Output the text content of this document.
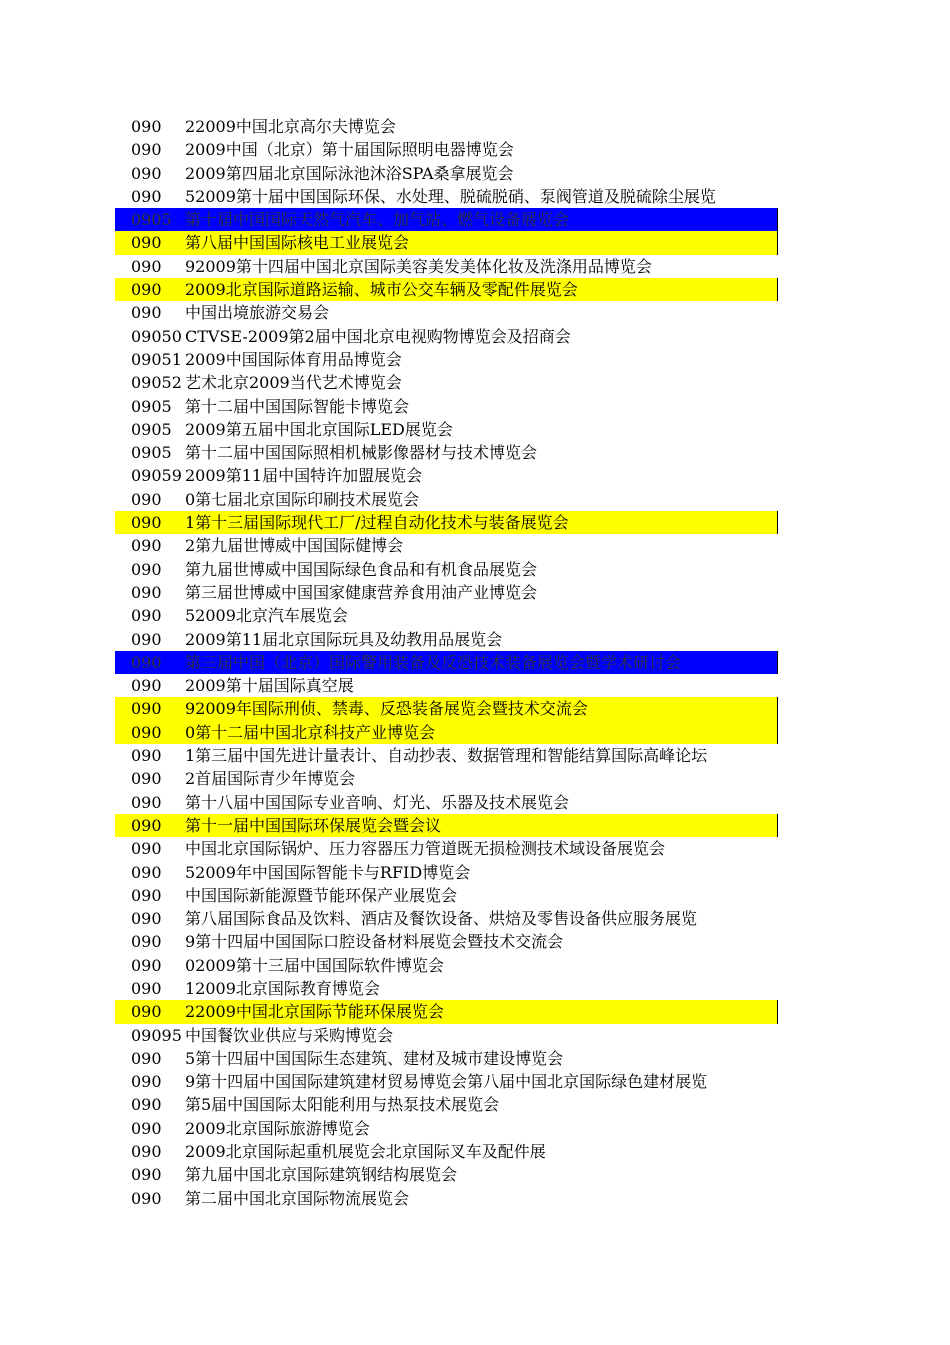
090	22009中国北京高尔夫博览会
090	2009中国（北京）第十届国际照明电器博览会
090	2009第四届北京国际泳池沐浴SPA桑拿展览会
090	52009第十届中国国际环保、水处理、脱硫脱硝、泵阀管道及脱硫除尘展览
0905 第十届中国国际天然气汽车、加气站、燃气设备展览会
090	第八届中国国际核电工业展览会
090	92009第十四届中国北京国际美容美发美体化妆及洗涤用品博览会
090	2009北京国际道路运输、城市公交车辆及零配件展览会
090	中国出境旅游交易会
09050 CTVSE-2009第2届中国北京电视购物博览会及招商会
09051 2009中国国际体育用品博览会
09052 艺术北京2009当代艺术博览会
0905 第十二届中国国际智能卡博览会
0905 2009第五届中国北京国际LED展览会
0905 第十二届中国国际照相机械影像器材与技术博览会
09059 2009第11届中国特许加盟展览会
090	0第七届北京国际印刷技术展览会
090	1第十三届国际现代工厂/过程自动化技术与装备展览会
090	2第九届世博威中国国际健博会
090	第九届世博威中国国际绿色食品和有机食品展览会
090	第三届世博威中国国家健康营养食用油产业博览会
090	52009北京汽车展览会
090	2009第11届北京国际玩具及幼教用品展览会
090	第三届中国（北京）国际警用装备及反恐技术装备展览会暨学术研讨会
090	2009第十届国际真空展
090	92009年国际刑侦、禁毒、反恐装备展览会暨技术交流会
090	0第十二届中国北京科技产业博览会
090	1第三届中国先进计量表计、自动抄表、数据管理和智能结算国际高峰论坛
090	2首届国际青少年博览会
090	第十八届中国国际专业音响、灯光、乐器及技术展览会
090	第十一届中国国际环保展览会暨会议
090	中国北京国际锅炉、压力容器压力管道既无损检测技术域设备展览会
090	52009年中国国际智能卡与RFID博览会
090	中国国际新能源暨节能环保产业展览会
090	第八届国际食品及饮料、酒店及餐饮设备、烘焙及零售设备供应服务展览
090	9第十四届中国国际口腔设备材料展览会暨技术交流会
090	02009第十三届中国国际软件博览会
090	12009北京国际教育博览会
090	22009中国北京国际节能环保展览会
09095 中国餐饮业供应与采购博览会
090	5第十四届中国国际生态建筑、建材及城市建设博览会
090	9第十四届中国国际建筑建材贸易博览会第八届中国北京国际绿色建材展览
090	第5届中国国际太阳能利用与热泵技术展览会
090	2009北京国际旅游博览会
090	2009北京国际起重机展览会北京国际叉车及配件展
090	第九届中国北京国际建筑钢结构展览会
090	第二届中国北京国际物流展览会
